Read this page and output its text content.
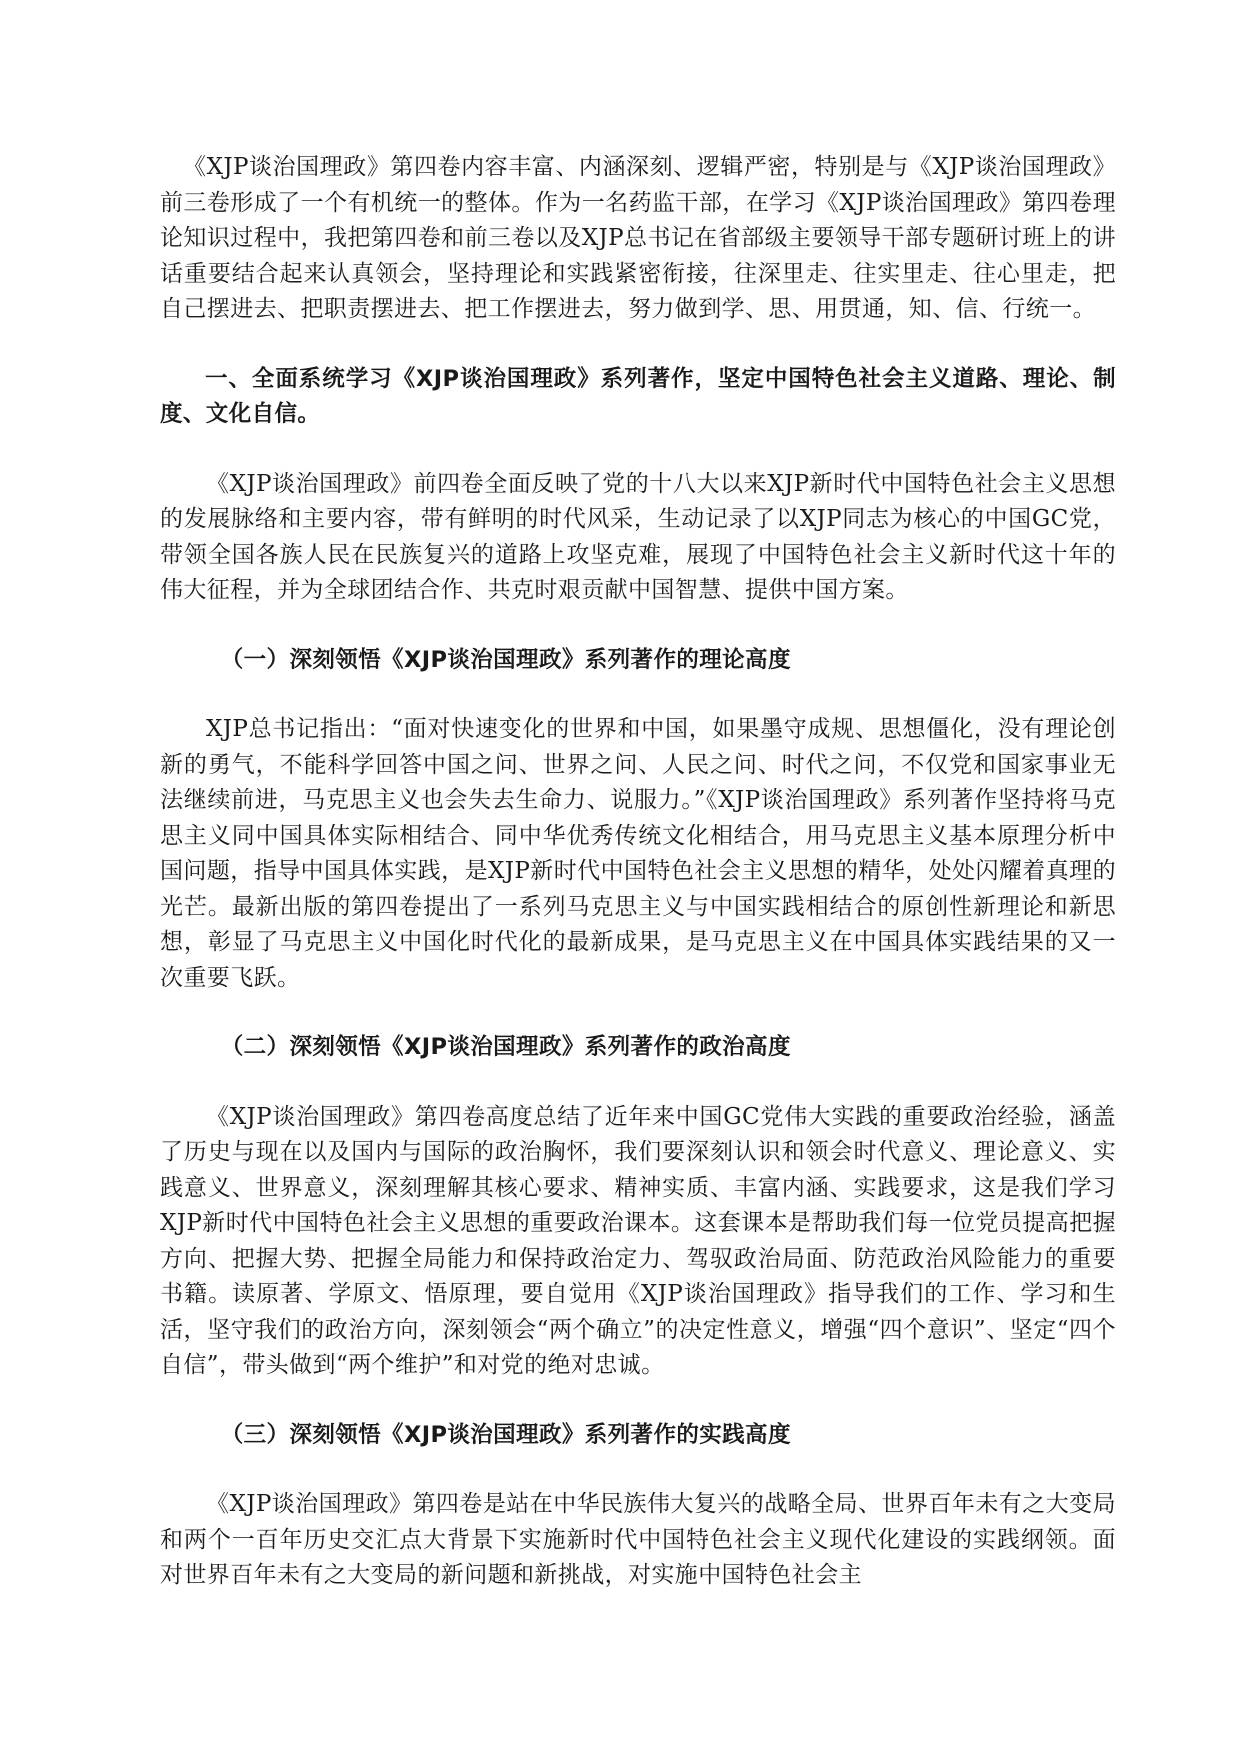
《XJP谈治国理政》第四卷内容丰富、内涵深刻、逻辑严密，特别是与《XJP谈治国理政》前三卷形成了一个有机统一的整体。作为一名药监干部，在学习《XJP谈治国理政》第四卷理论知识过程中，我把第四卷和前三卷以及XJP总书记在省部级主要领导干部专题研讨班上的讲话重要结合起来认真领会，坚持理论和实践紧密衔接，往深里走、往实里走、往心里走，把自己摆进去、把职责摆进去、把工作摆进去，努力做到学、思、用贯通，知、信、行统一。

一、全面系统学习《XJP谈治国理政》系列著作，坚定中国特色社会主义道路、理论、制度、文化自信。

《XJP谈治国理政》前四卷全面反映了党的十八大以来XJP新时代中国特色社会主义思想的发展脉络和主要内容，带有鲜明的时代风采，生动记录了以XJP同志为核心的中国GC党，带领全国各族人民在民族复兴的道路上攻坚克难，展现了中国特色社会主义新时代这十年的伟大征程，并为全球团结合作、共克时艰贡献中国智慧、提供中国方案。

（一）深刻领悟《XJP谈治国理政》系列著作的理论高度

XJP总书记指出：“面对快速变化的世界和中国，如果墨守成规、思想僵化，没有理论创新的勇气，不能科学回答中国之问、世界之问、人民之问、时代之问，不仅党和国家事业无法继续前进，马克思主义也会失去生命力、说服力。”《XJP谈治国理政》系列著作坚持将马克思主义同中国具体实际相结合、同中华优秀传统文化相结合，用马克思主义基本原理分析中国问题，指导中国具体实践，是XJP新时代中国特色社会主义思想的精华，处处闪耀着真理的光芒。最新出版的第四卷提出了一系列马克思主义与中国实践相结合的原创性新理论和新思想，彰显了马克思主义中国化时代化的最新成果，是马克思主义在中国具体实践结果的又一次重要飞跃。

（二）深刻领悟《XJP谈治国理政》系列著作的政治高度

《XJP谈治国理政》第四卷高度总结了近年来中国GC党伟大实践的重要政治经验，涵盖了历史与现在以及国内与国际的政治胸怀，我们要深刻认识和领会时代意义、理论意义、实践意义、世界意义，深刻理解其核心要求、精神实质、丰富内涵、实践要求，这是我们学习XJP新时代中国特色社会主义思想的重要政治课本。这套课本是帮助我们每一位党员提高把握方向、把握大势、把握全局能力和保持政治定力、驾驭政治局面、防范政治风险能力的重要书籍。读原著、学原文、悟原理，要自觉用《XJP谈治国理政》指导我们的工作、学习和生活，坚守我们的政治方向，深刻领会“两个确立”的决定性意义，增强“四个意识”、坚定“四个自信”，带头做到“两个维护”和对党的绝对忠诚。

（三）深刻领悟《XJP谈治国理政》系列著作的实践高度

《XJP谈治国理政》第四卷是站在中华民族伟大复兴的战略全局、世界百年未有之大变局和两个一百年历史交汇点大背景下实施新时代中国特色社会主义现代化建设的实践纲领。面对世界百年未有之大变局的新问题和新挑战，对实施中国特色社会主
